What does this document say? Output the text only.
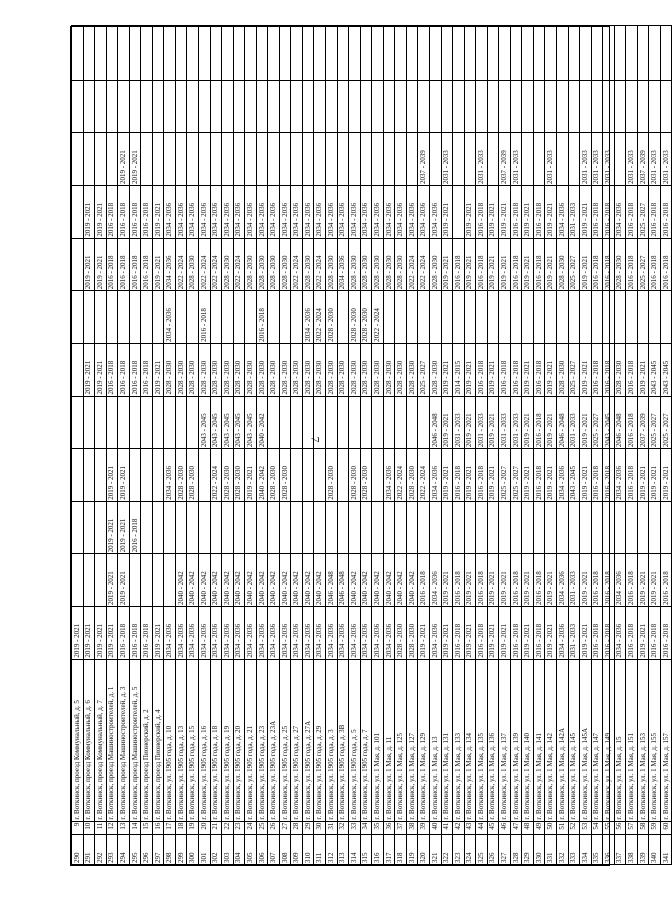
7
290	9	г. Воткинск, проезд Коммунальный, д. 5	2019 - 2021											
291	10	г. Воткинск, проезд Коммунальный, д. 6	2019 - 2021					2019 - 2021		2019 - 2021	2019 - 2021			
292	11	г. Воткинск, проезд Коммунальный, д. 7	2019 - 2021					2019 - 2021		2019 - 2021	2019 - 2021			
293	12	г. Воткинск, проезд Машиностроителей, д. 1	2019 - 2021	2019 - 2021	2019 - 2021	2019 - 2021		2016 - 2018		2016 - 2018	2016 - 2018			
294	13	г. Воткинск, проезд Машиностроителей, д. 3	2016 - 2018	2019 - 2021	2019 - 2021	2019 - 2021		2016 - 2018		2016 - 2018	2016 - 2018	2019 - 2021		
295	14	г. Воткинск, проезд Машиностроителей, д. 5	2016 - 2018		2016 - 2018			2016 - 2018		2016 - 2018	2016 - 2018	2019 - 2021		
296	15	г. Воткинск, проезд Пионерский, д. 2	2016 - 2018					2016 - 2018		2016 - 2018	2016 - 2018			
297	16	г. Воткинск, проезд Пионерский, д. 4	2019 - 2021					2019 - 2021		2019 - 2021	2019 - 2021			
298	17	г. Воткинск, ул. 1905 года, д. 10	2034 - 2036			2034 - 2036		2028 - 2030	2034 - 2036	2034 - 2036	2034 - 2036			
299	18	г. Воткинск, ул. 1905 года, д. 13	2034 - 2036	2040 - 2042		2028 - 2030		2028 - 2030		2022 - 2024	2034 - 2036			
300	19	г. Воткинск, ул. 1905 года, д. 15	2034 - 2036	2040 - 2042		2028 - 2030		2028 - 2030		2028 - 2030	2034 - 2036			
301	20	г. Воткинск, ул. 1905 года, д. 16	2034 - 2036	2040 - 2042			2043 - 2045	2028 - 2030	2016 - 2018	2022 - 2024	2034 - 2036			
302	21	г. Воткинск, ул. 1905 года, д. 18	2034 - 2036	2040 - 2042		2022 - 2024	2043 - 2045	2028 - 2030		2022 - 2024	2034 - 2036			
303	22	г. Воткинск, ул. 1905 года, д. 19	2034 - 2036	2040 - 2042		2028 - 2030	2043 - 2045	2028 - 2030		2028 - 2030	2034 - 2036			
304	23	г. Воткинск, ул. 1905 года, д. 20	2034 - 2036	2040 - 2042		2028 - 2030	2043 - 2045	2028 - 2030		2022 - 2024	2034 - 2036			
305	24	г. Воткинск, ул. 1905 года, д. 21	2034 - 2036	2040 - 2042		2019 - 2021	2043 - 2045	2028 - 2030		2028 - 2030	2034 - 2036			
306	25	г. Воткинск, ул. 1905 года, д. 23	2034 - 2036	2040 - 2042		2040 - 2042	2040 - 2042	2028 - 2030	2016 - 2018	2028 - 2030	2034 - 2036			
307	26	г. Воткинск, ул. 1905 года, д. 23А	2034 - 2036	2040 - 2042		2028 - 2030		2028 - 2030		2028 - 2030	2034 - 2036			
308	27	г. Воткинск, ул. 1905 года, д. 25	2034 - 2036	2040 - 2042		2028 - 2030		2028 - 2030		2028 - 2030	2034 - 2036			
309	28	г. Воткинск, ул. 1905 года, д. 27	2034 - 2036	2040 - 2042				2028 - 2030		2022 - 2024	2034 - 2036			
310	29	г. Воткинск, ул. 1905 года, д. 27А	2034 - 2036	2040 - 2042				2028 - 2030	2034 - 2036	2028 - 2030	2034 - 2036			
311	30	г. Воткинск, ул. 1905 года, д. 29	2034 - 2036	2040 - 2042				2028 - 2030	2022 - 2024	2022 - 2024	2034 - 2036			
312	31	г. Воткинск, ул. 1905 года, д. 3	2034 - 2036	2046 - 2048		2028 - 2030		2028 - 2030	2028 - 2030	2028 - 2030	2034 - 2036			
313	32	г. Воткинск, ул. 1905 года, д. 3В	2034 - 2036	2046 - 2048				2028 - 2030		2034 - 2036	2034 - 2036			
314	33	г. Воткинск, ул. 1905 года, д. 5	2034 - 2036	2040 - 2042		2028 - 2030		2028 - 2030	2028 - 2030	2028 - 2030	2034 - 2036			
315	34	г. Воткинск, ул. 1905 года, д. 7	2034 - 2036	2040 - 2042		2028 - 2030		2028 - 2030	2028 - 2030	2028 - 2030	2034 - 2036			
316	35	г. Воткинск, ул. 1 Мая, д. 101	2034 - 2036	2040 - 2042				2028 - 2030	2022 - 2024	2028 - 2030	2034 - 2036			
317	36	г. Воткинск, ул. 1 Мая, д. 11	2034 - 2036	2040 - 2042		2034 - 2036		2028 - 2030		2028 - 2030	2034 - 2036			
318	37	г. Воткинск, ул. 1 Мая, д. 125	2028 - 2030	2040 - 2042		2022 - 2024		2028 - 2030		2028 - 2030	2034 - 2036			
319	38	г. Воткинск, ул. 1 Мая, д. 127	2028 - 2030	2040 - 2042		2028 - 2030		2028 - 2030		2022 - 2024	2034 - 2036			
320	39	г. Воткинск, ул. 1 Мая, д. 129	2019 - 2021	2016 - 2018		2022 - 2024		2025 - 2027		2022 - 2024	2034 - 2036	2037 - 2039		
321	40	г. Воткинск, ул. 1 Мая, д. 13	2034 - 2036	2034 - 2036		2034 - 2036	2046 - 2048	2028 - 2030		2028 - 2030	2034 - 2036			
322	41	г. Воткинск, ул. 1 Мая, д. 131	2019 - 2021	2019 - 2021		2019 - 2021	2019 - 2021	2019 - 2021		2019 - 2021	2019 - 2021	2031 - 2033		
323	42	г. Воткинск, ул. 1 Мая, д. 133	2016 - 2018	2016 - 2018		2016 - 2018	2031 - 2033	2014 - 2015		2016 - 2018				
324	43	г. Воткинск, ул. 1 Мая, д. 134	2019 - 2021	2019 - 2021		2019 - 2021	2019 - 2021	2019 - 2021		2019 - 2021	2019 - 2021			
325	44	г. Воткинск, ул. 1 Мая, д. 135	2016 - 2018	2016 - 2018		2016 - 2018	2031 - 2033	2016 - 2018		2016 - 2018	2016 - 2018	2031 - 2033		
326	45	г. Воткинск, ул. 1 Мая, д. 136	2019 - 2021	2019 - 2021		2019 - 2021	2019 - 2021	2019 - 2021		2019 - 2021	2019 - 2021			
327	46	г. Воткинск, ул. 1 Мая, д. 137	2019 - 2021	2019 - 2021		2025 - 2027	2031 - 2033	2016 - 2018		2019 - 2021	2019 - 2021	2037 - 2039		
328	47	г. Воткинск, ул. 1 Мая, д. 139	2016 - 2018	2016 - 2018		2025 - 2027	2031 - 2033	2016 - 2018		2016 - 2018	2016 - 2018	2031 - 2033		
329	48	г. Воткинск, ул. 1 Мая, д. 140	2019 - 2021	2019 - 2021		2019 - 2021	2019 - 2021	2019 - 2021		2019 - 2021	2019 - 2021			
330	49	г. Воткинск, ул. 1 Мая, д. 141	2016 - 2018	2016 - 2018		2016 - 2018	2016 - 2018	2016 - 2018		2016 - 2018	2016 - 2018			
331	50	г. Воткинск, ул. 1 Мая, д. 142	2019 - 2021	2019 - 2021		2019 - 2021	2019 - 2021	2019 - 2021		2019 - 2021	2019 - 2021	2031 - 2033		
332	51	г. Воткинск, ул. 1 Мая, д. 142А	2034 - 2036	2034 - 2036		2034 - 2036	2046 - 2048	2028 - 2030		2028 - 2030	2034 - 2036			
333	52	г. Воткинск, ул. 1 Мая, д. 145	2031 - 2033	2031 - 2033		2043 - 2045	2031 - 2033	2025 - 2027		2025 - 2027	2031 - 2033			
334	53	г. Воткинск, ул. 1 Мая, д. 145А	2019 - 2021	2019 - 2021		2019 - 2021	2019 - 2021	2019 - 2021		2019 - 2021	2019 - 2021	2031 - 2033		
335	54	г. Воткинск, ул. 1 Мая, д. 147	2016 - 2018	2016 - 2018		2016 - 2018	2025 - 2027	2016 - 2018		2016 - 2018	2016 - 2018	2031 - 2033		
336	55	г. Воткинск, ул. 1 Мая, д. 149	2016 - 2018	2016 - 2018		2016 - 2018	2043 - 2045	2016 - 2018		2016 - 2018	2016 - 2018	2031 - 2033		
337	56	г. Воткинск, ул. 1 Мая, д. 15	2034 - 2036	2034 - 2036		2034 - 2036	2046 - 2048	2028 - 2030		2028 - 2030	2034 - 2036			
338	57	г. Воткинск, ул. 1 Мая, д. 151	2016 - 2018	2016 - 2018		2016 - 2018	2016 - 2018	2016 - 2018		2016 - 2018	2016 - 2018	2031 - 2033		
339	58	г. Воткинск, ул. 1 Мая, д. 153	2019 - 2021	2019 - 2021		2019 - 2021	2037 - 2039	2019 - 2021		2025 - 2027	2025 - 2027	2037 - 2039		
340	59	г. Воткинск, ул. 1 Мая, д. 155	2016 - 2018	2019 - 2021		2019 - 2021	2025 - 2027	2043 - 2045		2016 - 2018	2016 - 2018	2031 - 2033		
341	60	г. Воткинск, ул. 1 Мая, д. 157	2016 - 2018	2016 - 2018		2019 - 2021	2025 - 2027	2043 - 2045		2016 - 2018	2016 - 2018	2031 - 2033		
